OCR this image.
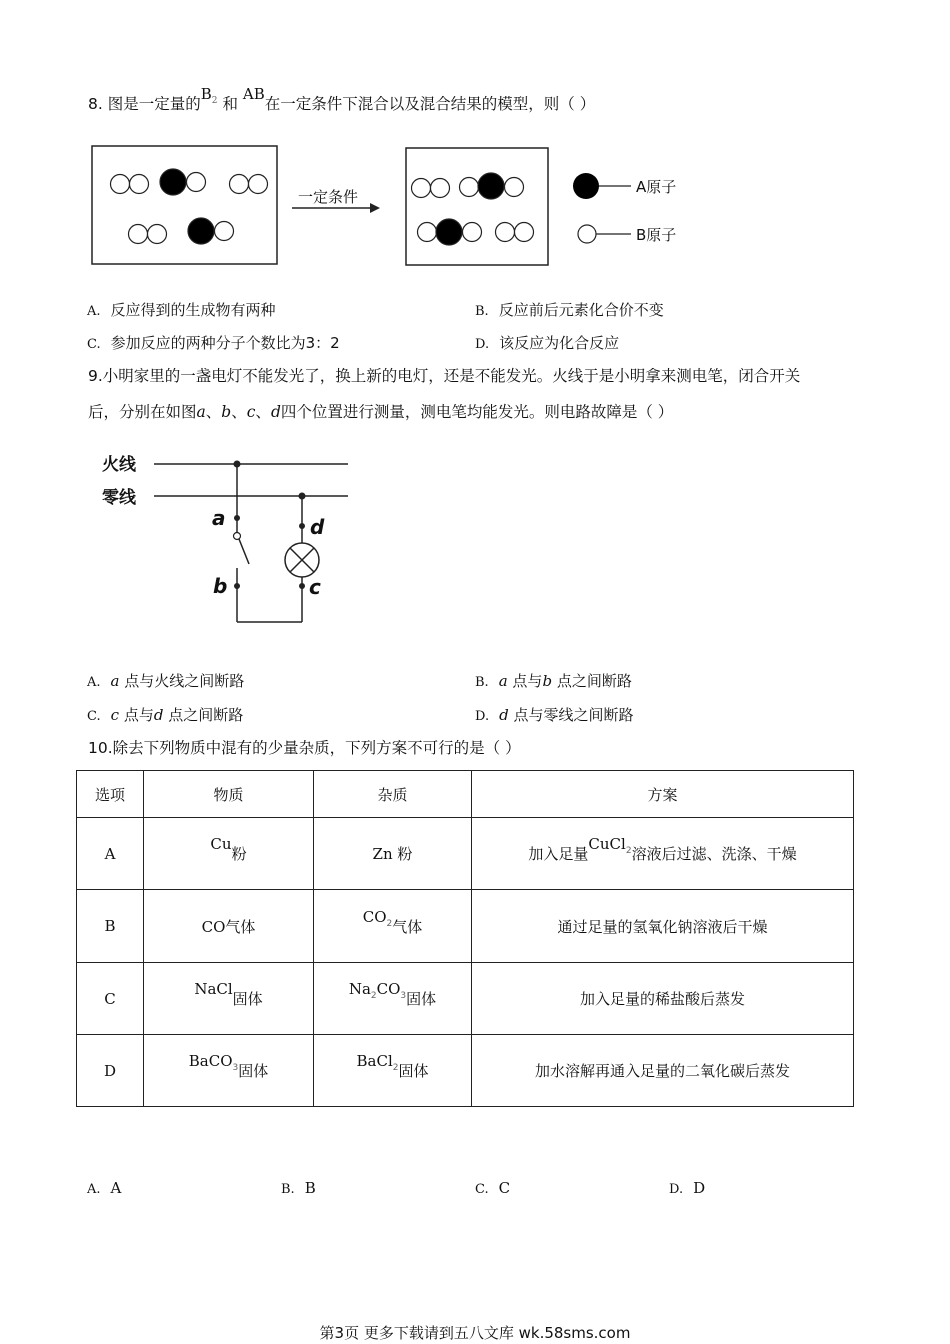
8. 图是一定量的$B_2$ 和 AB在一定条件下混合以及混合结果的模型，则（ ）
一定条件
A原子
B原子
A. 反应得到的生成物有两种	B. 反应前后元素化合价不变
C. 参加反应的两种分子个数比为3：2	D. 该反应为化合反应
9.小明家里的一盏电灯不能发光了，换上新的电灯，还是不能发光。火线于是小明拿来测电笔，闭合开关
后，分别在如图a、b、c、d四个位置进行测量，测电笔均能发光。则电路故障是（ ）
火线
零线
a
b	c
d
A. a 点与火线之间断路	B. a 点与b 点之间断路
C. c 点与d 点之间断路	D. d 点与零线之间断路
10.除去下列物质中混有的少量杂质，下列方案不可行的是（ ）
选项	物质	杂质	方案
A	Cu粉	Zn 粉	加入足量CuCl$^2$溶液后过滤、洗涤、干燥
B	CO气体	$CO^2$气体	通过足量的氢氧化钠溶液后干燥
C	NaCl固体	$Na^2CO^3$固体	加入足量的稀盐酸后蒸发
D	BaCO$^3$固体	BaCl$^2$固体	加水溶解再通入足量的二氧化碳后蒸发
A. A	B. B	C. C	D. D
第3页 更多下载请到五八文库 wk.58sms.com
